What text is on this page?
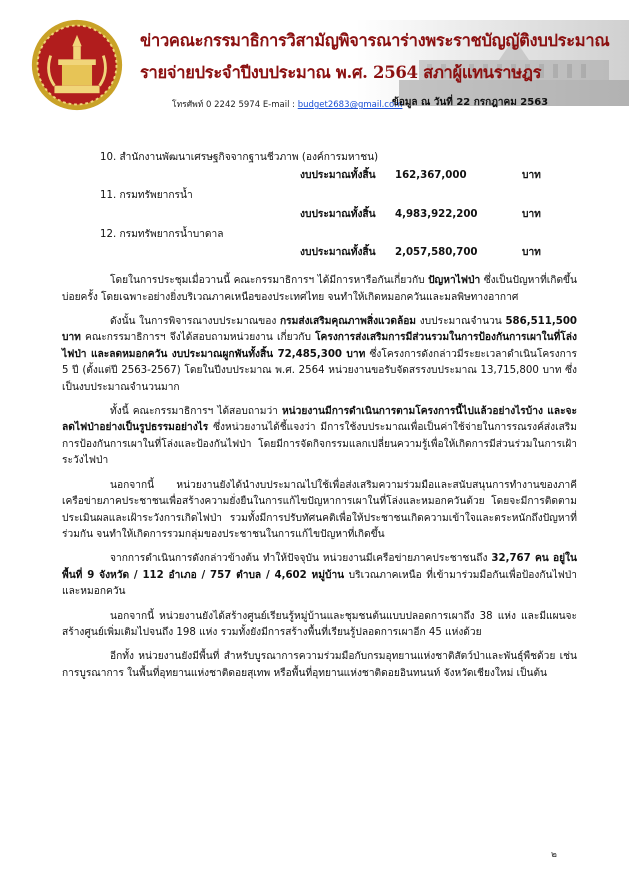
ข่าวคณะกรรมาธิการวิสามัญพิจารณาร่างพระราชบัญญัติงบประมาณ
รายจ่ายประจำปีงบประมาณ พ.ศ. 2564 สภาผู้แทนราษฎร
โทรศัพท์ 0 2242 5974 E-mail : budget2683@gmail.com
ข้อมูล ณ วันที่ 22 กรกฎาคม 2563
10. สำนักงานพัฒนาเศรษฐกิจจากฐานชีวภาพ (องค์การมหาชน)
งบประมาณทั้งสิ้น 162,367,000	บาท
11. กรมทรัพยากรน้ำ
งบประมาณทั้งสิ้น 4,983,922,200	บาท
12. กรมทรัพยากรน้ำบาดาล
งบประมาณทั้งสิ้น 2,057,580,700	บาท

โดยในการประชุมเมื่อวานนี้ คณะกรรมาธิการฯ ได้มีการหารือกันเกี่ยวกับ ปัญหาไฟป่า ซึ่งเป็นปัญหาที่เกิดขึ้นบ่อยครั้ง โดยเฉพาะอย่างยิ่งบริเวณภาคเหนือของประเทศไทย จนทำให้เกิดหมอกควันและมลพิษทางอากาศ

ดังนั้น ในการพิจารณางบประมาณของ กรมส่งเสริมคุณภาพสิ่งแวดล้อม งบประมาณจำนวน 586,511,500 บาท คณะกรรมาธิการฯ จึงได้สอบถามหน่วยงาน เกี่ยวกับ โครงการส่งเสริมการมีส่วนรวมในการป้องกันการเผาในที่โล่ง ไฟป่า และลดหมอกควัน งบประมาณผูกพันทั้งสิ้น 72,485,300 บาท ซึ่งโครงการดังกล่าวมีระยะเวลาดำเนินโครงการ 5 ปี (ตั้งแต่ปี 2563-2567) โดยในปีงบประมาณ พ.ศ. 2564 หน่วยงานขอรับจัดสรรงบประมาณ 13,715,800 บาท ซึ่งเป็นงบประมาณจำนวนมาก

ทั้งนี้ คณะกรรมาธิการฯ ได้สอบถามว่า หน่วยงานมีการดำเนินการตามโครงการนี้ไปแล้วอย่างไรบ้าง และจะลดไฟป่าอย่างเป็นรูปธรรมอย่างไร ซึ่งหน่วยงานได้ชี้แจงว่า มีการใช้งบประมาณเพื่อเป็นค่าใช้จ่ายในการรณรงค์ส่งเสริมการป้องกันการเผาในที่โล่งและป้องกันไฟป่า โดยมีการจัดกิจกรรมแลกเปลี่ยนความรู้เพื่อให้เกิดการมีส่วนร่วมในการเฝ้าระวังไฟป่า

นอกจากนี้ หน่วยงานยังได้นำงบประมาณไปใช้เพื่อส่งเสริมความร่วมมือและสนับสนุนการทำงานของภาคีเครือข่ายภาคประชาชนเพื่อสร้างความยั่งยืนในการแก้ไขปัญหาการเผาในที่โล่งและหมอกควันด้วย โดยจะมีการติดตามประเมินผลและเฝ้าระวังการเกิดไฟป่า รวมทั้งมีการปรับทัศนคติเพื่อให้ประชาชนเกิดความเข้าใจและตระหนักถึงปัญหาที่ร่วมกัน จนทำให้เกิดการรวมกลุ่มของประชาชนในการแก้ไขปัญหาที่เกิดขึ้น

จากการดำเนินการดังกล่าวข้างต้น ทำให้ปัจจุบัน หน่วยงานมีเครือข่ายภาคประชาชนถึง 32,767 คน อยู่ในพื้นที่ 9 จังหวัด / 112 อำเภอ / 757 ตำบล / 4,602 หมู่บ้าน บริเวณภาคเหนือ ที่เข้ามาร่วมมือกันเพื่อป้องกันไฟป่าและหมอกควัน

นอกจากนี้ หน่วยงานยังได้สร้างศูนย์เรียนรู้หมู่บ้านและชุมชนต้นแบบปลอดการเผาถึง 38 แห่ง และมีแผนจะสร้างศูนย์เพิ่มเติมไปจนถึง 198 แห่ง รวมทั้งยังมีการสร้างพื้นที่เรียนรู้ปลอดการเผาอีก 45 แห่งด้วย

อีกทั้ง หน่วยงานยังมีพื้นที่ สำหรับบูรณาการความร่วมมือกับกรมอุทยานแห่งชาติสัตว์ป่าและพันธุ์พืชด้วย เช่น การบูรณาการ ในพื้นที่อุทยานแห่งชาติดอยสุเทพ หรือพื้นที่อุทยานแห่งชาติดอยอินทนนท์ จังหวัดเชียงใหม่ เป็นต้น

๒
